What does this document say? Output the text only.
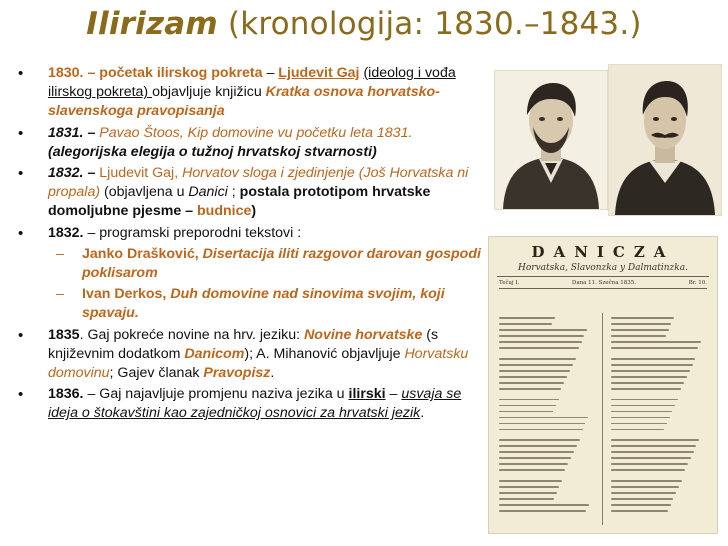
Ilirizam (kronologija: 1830.–1843.)
• 1830. – početak ilirskog pokreta – Ljudevit Gaj (ideolog i vođa ilirskog pokreta) objavljuje knjižicu Kratka osnova horvatsko-slavenskoga pravopisanja
• 1831. – Pavao Štoos, Kip domovine vu početku leta 1831. (alegorijska elegija o tužnoj hrvatskoj stvarnosti)
• 1832. – Ljudevit Gaj, Horvatov sloga i zjedinjenje (Još Horvatska ni propala) (objavljena u Danici ; postala prototipom hrvatske domoljubne pjesme – budnice)
• 1832. – programski preporodni tekstovi :
– Janko Drašković, Disertacija iliti razgovor darovan gospodi poklisarom
– Ivan Derkos, Duh domovine nad sinovima svojim, koji spavaju.
• 1835. Gaj pokreće novine na hrv. jeziku: Novine horvatske (s književnim dodatkom Danicom); A. Mihanović objavljuje Horvatsku domovinu; Gajev članak Pravopisz.
• 1836. – Gaj najavljuje promjenu naziva jezika u ilirski – usvaja se ideja o štokavštini kao zajedničkoj osnovici za hrvatski jezik.
DANICZA
Horvatska, Slavonzka y Dalmatinzka.
Tečaj I.	Dana 11. Szečna 1835.	Br. 10.
